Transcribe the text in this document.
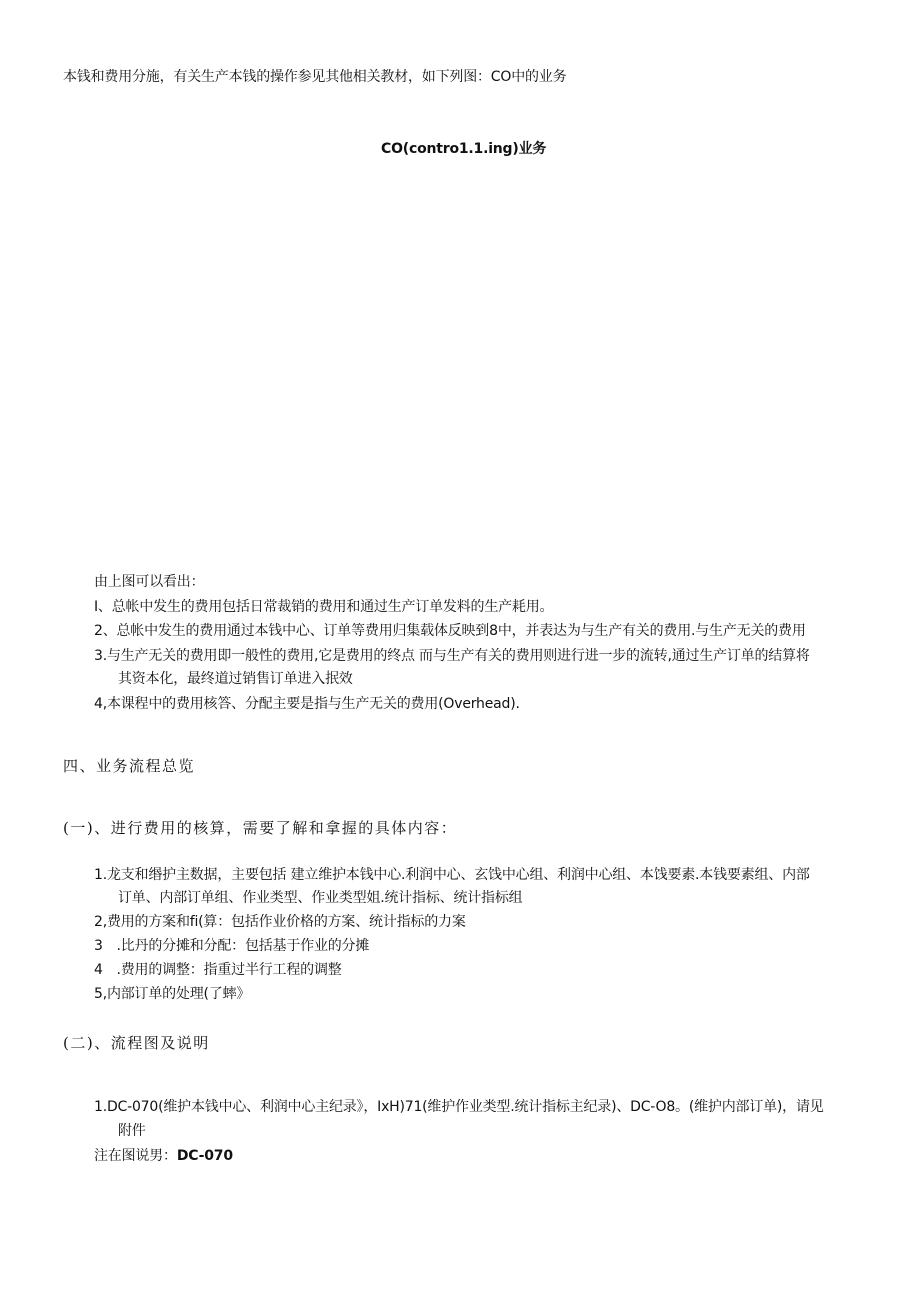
本钱和费用分施，有关生产本钱的操作参见其他相关教材，如下列图：CO中的业务
CO(contro1.1.ing)业务
由上图可以看出：
I、总帐中发生的费用包括日常裁销的费用和通过生产订单发料的生产耗用。
2、总帐中发生的费用通过本钱中心、订单等费用归集载体反映到8中，并表达为与生产有关的费用.与生产无关的费用
3.与生产无关的费用即一般性的费用,它是费用的终点 而与生产有关的费用则进行进一步的流转,通过生产订单的结算将
其资本化，最终道过销售订单进入抿效
4,本课程中的费用核答、分配主要是指与生产无关的费用(Overhead).
四、业务流程总览
(一)、进行费用的核算，需要了解和拿握的具体内容：
1.龙支和缗护主数据，主要包括 建立维护本钱中心.利润中心、玄饯中心组、利润中心组、本饯要素.本钱要素组、内部
订单、内部订单组、作业类型、作业类型姐.统计指标、统计指标组
2,费用的方案和fi(算：包括作业价格的方案、统计指标的力案
3　.比丹的分摊和分配：包括基于作业的分摊
4　.费用的调整：指重过半行工程的调整
5,内部订单的处理(了蟀》
(二)、流程图及说明
1.DC-070(维护本钱中心、利润中心主纪录》，IxH)71(维护作业类型.统计指标主纪录)、DC-O8。(维护内部订单)，请见
附件
注在图说男：DC-070
